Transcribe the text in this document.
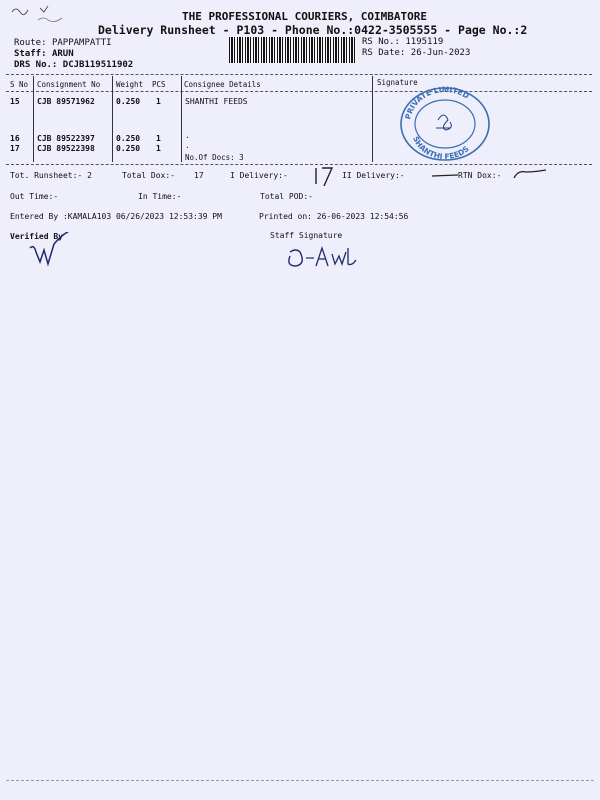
THE PROFESSIONAL COURIERS, COIMBATORE
Delivery Runsheet - P103 - Phone No.:0422-3505555 - Page No.:2
Route: PAPPAMPATTI
Staff: ARUN
DRS No.: DCJB119511902
RS No.: 1195119
RS Date: 26-Jun-2023
S No Consignment No Weight PCS Consignee Details	Signature
15 CJB 89571962	0.250 1	SHANTHI FEEDS
16 CJB 89522397	0.250 1	.
17 CJB 89522398	0.250 1	.
No.Of Docs: 3
PRIVATE LIMITED
SHANTHI FEEDS
Tot. Runsheet:- 2	Total Dox:- 17	I Delivery:-	II Delivery:-	RTN Dox:-
Out Time:-	In Time:-	Total POD:-
Entered By :KAMALA103 06/26/2023 12:53:39 PM	Printed on: 26-06-2023 12:54:56
Verified By	Staff Signature
